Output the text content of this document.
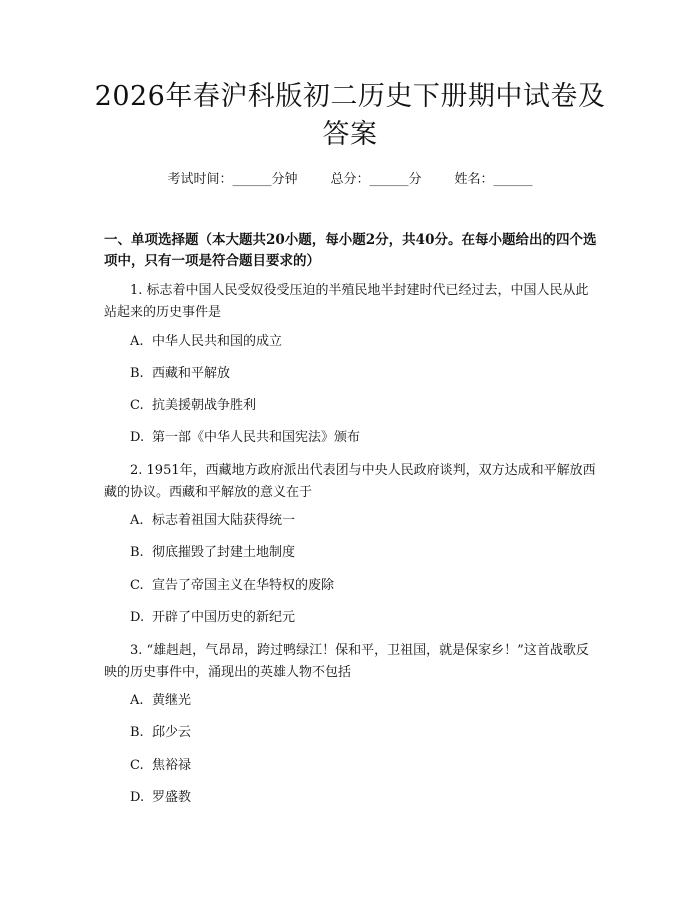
2026年春沪科版初二历史下册期中试卷及答案
考试时间：______分钟        总分：______分        姓名：______
一、单项选择题（本大题共20小题，每小题2分，共40分。在每小题给出的四个选项中，只有一项是符合题目要求的）
1. 标志着中国人民受奴役受压迫的半殖民地半封建时代已经过去，中国人民从此站起来的历史事件是
A. 中华人民共和国的成立
B. 西藏和平解放
C. 抗美援朝战争胜利
D. 第一部《中华人民共和国宪法》颁布
2. 1951年，西藏地方政府派出代表团与中央人民政府谈判，双方达成和平解放西藏的协议。西藏和平解放的意义在于
A. 标志着祖国大陆获得统一
B. 彻底摧毁了封建土地制度
C. 宣告了帝国主义在华特权的废除
D. 开辟了中国历史的新纪元
3. “雄赳赳，气昂昂，跨过鸭绿江！保和平，卫祖国，就是保家乡！”这首战歌反映的历史事件中，涌现出的英雄人物不包括
A. 黄继光
B. 邱少云
C. 焦裕禄
D. 罗盛教
